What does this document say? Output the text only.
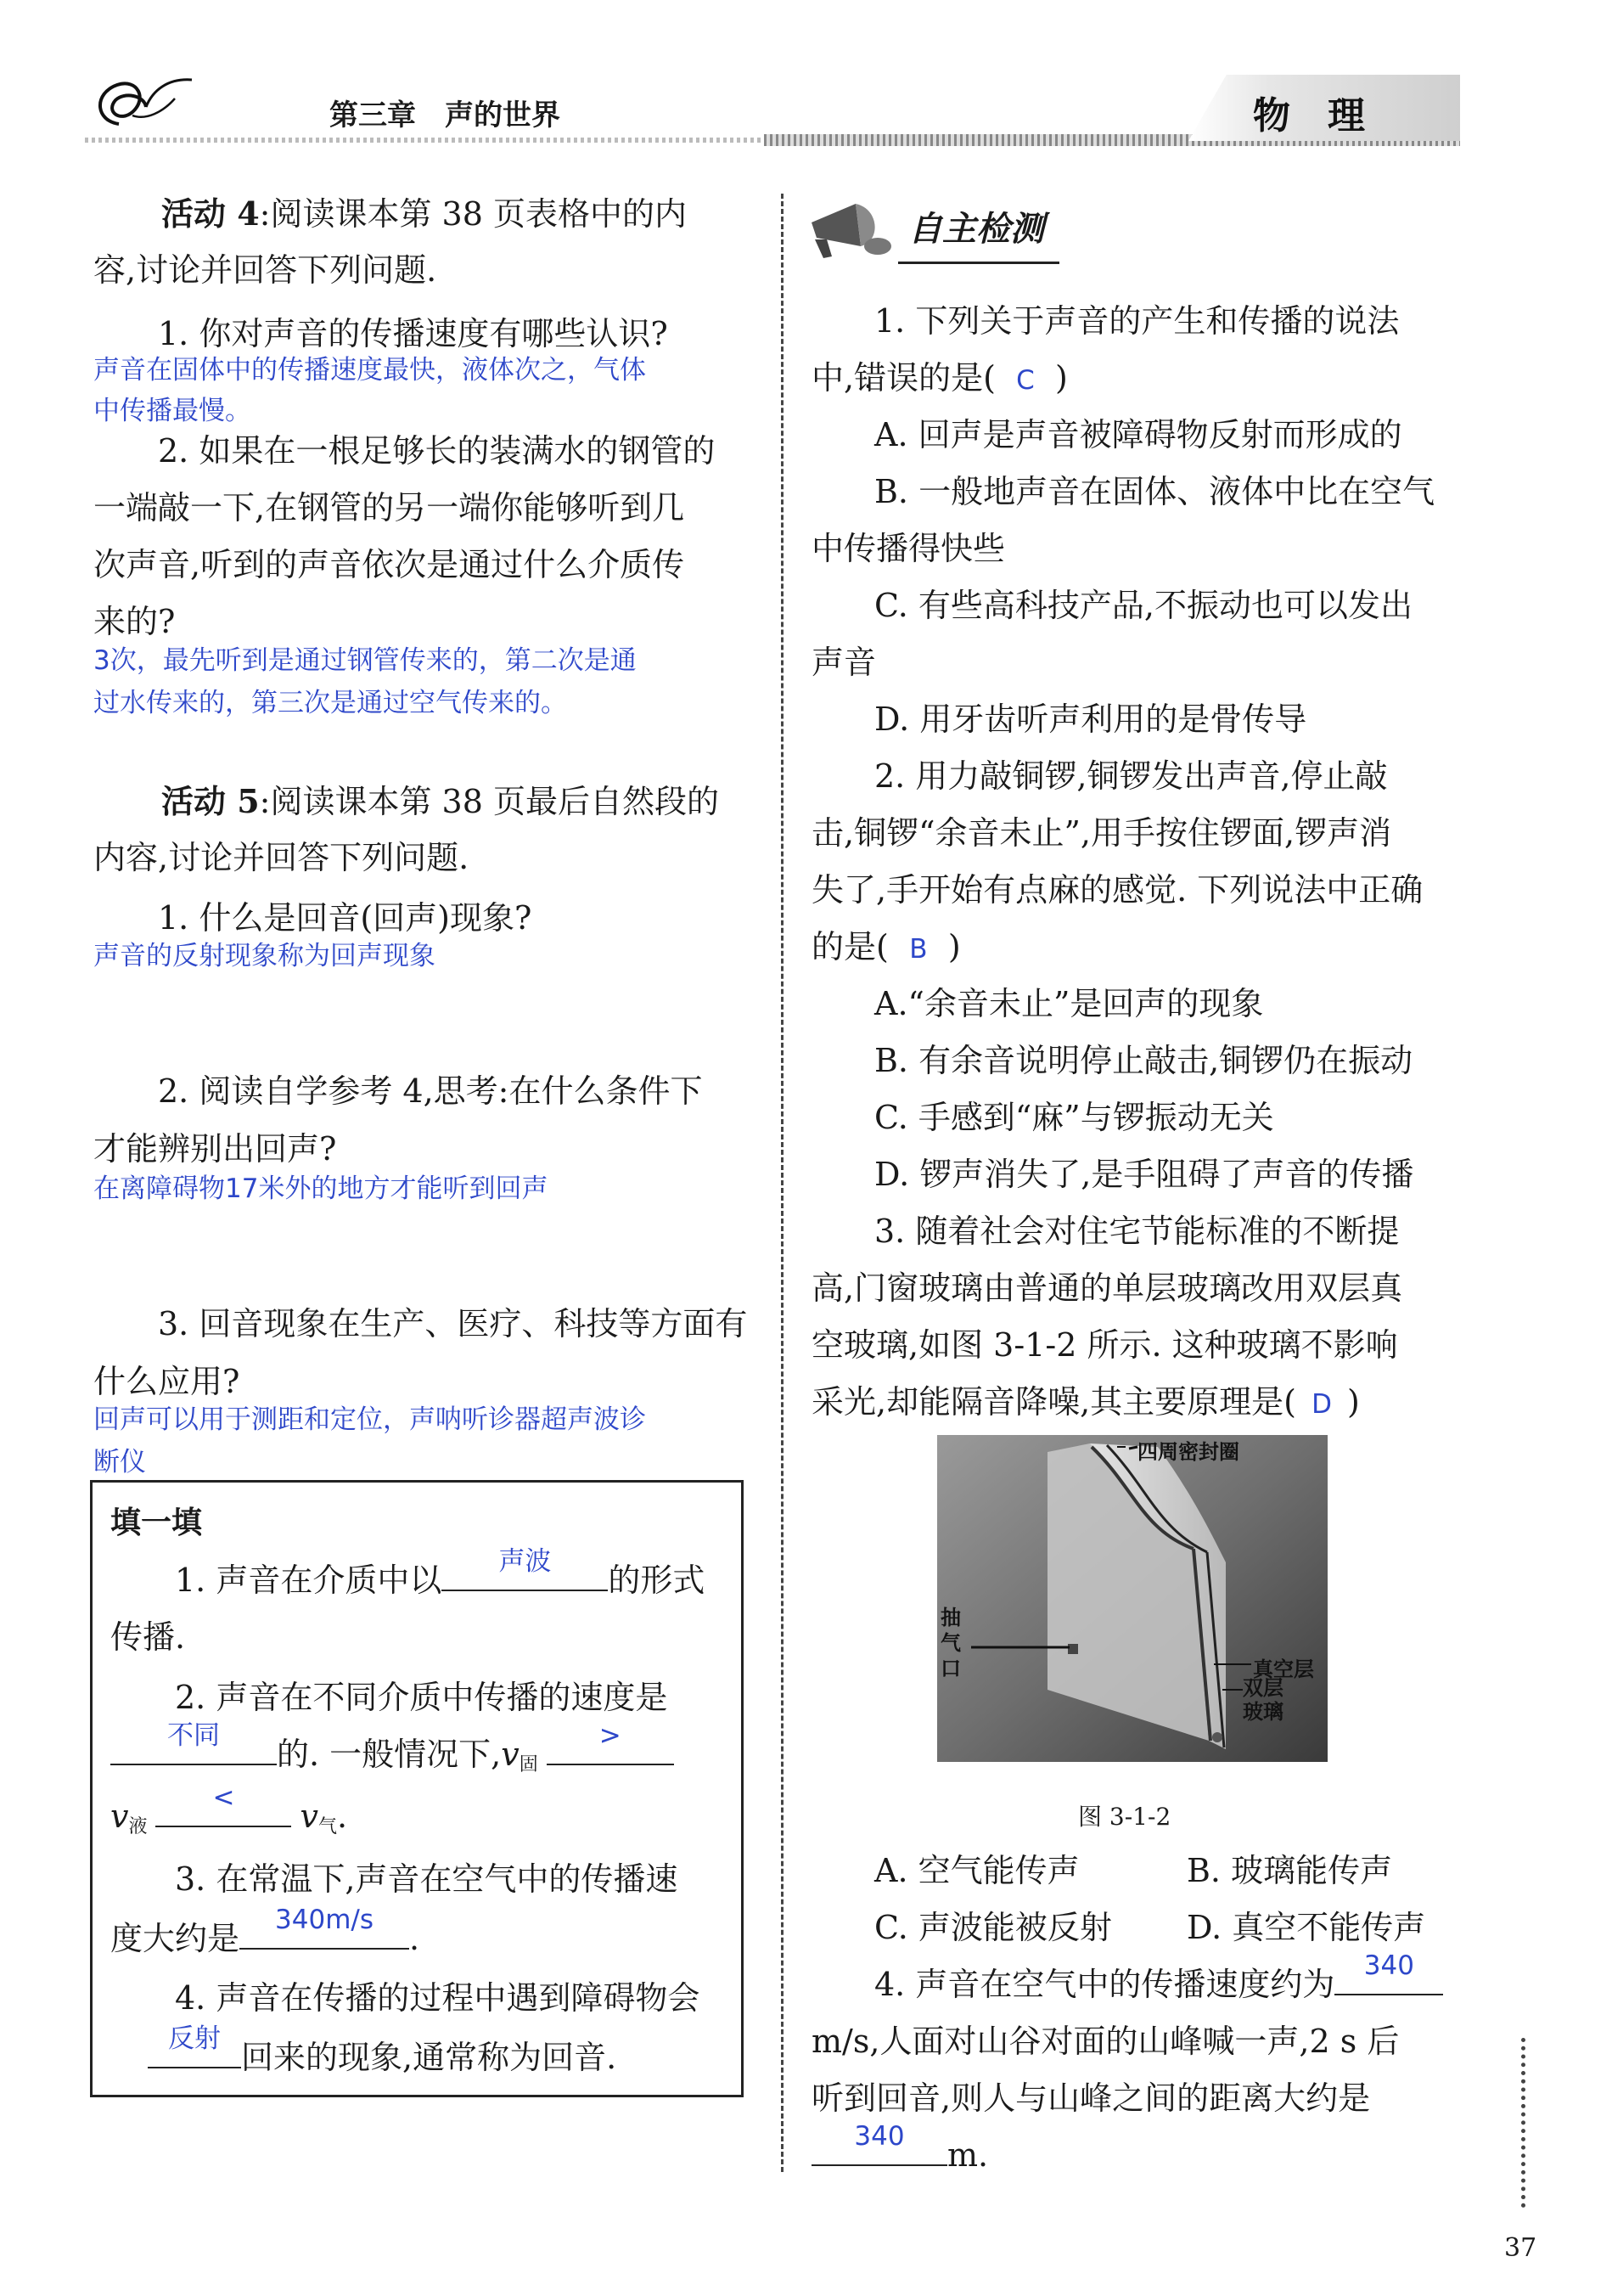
第三章　声的世界	物　理
活动 4:阅读课本第 38 页表格中的内
容,讨论并回答下列问题.
1. 你对声音的传播速度有哪些认识?
声音在固体中的传播速度最快，液体次之，气体
中传播最慢。
2. 如果在一根足够长的装满水的钢管的
一端敲一下,在钢管的另一端你能够听到几
次声音,听到的声音依次是通过什么介质传
来的?
3次，最先听到是通过钢管传来的，第二次是通
过水传来的，第三次是通过空气传来的。
活动 5:阅读课本第 38 页最后自然段的
内容,讨论并回答下列问题.
1. 什么是回音(回声)现象?
声音的反射现象称为回声现象
2. 阅读自学参考 4,思考:在什么条件下
才能辨别出回声?
在离障碍物17米外的地方才能听到回声
3. 回音现象在生产、医疗、科技等方面有
什么应用?
回声可以用于测距和定位，声呐听诊器超声波诊
断仪
填一填
1. 声音在介质中以	声波	的形式
传播.
2. 声音在不同介质中传播的速度是
不同	的. 一般情况下$,v_固$
>
$v_液$
<	$v_气$.
3. 在常温下,声音在空气中的传播速
度大约是	340m/s	.
4. 声音在传播的过程中遇到障碍物会
反射 回来的现象,通常称为回音.
自主检测
1. 下列关于声音的产生和传播的说法
中,错误 •的是( C )
A. 回声是声音被障碍物反射而形成的
B. 一般地声音在固体、液体中比在空气
中传播得快些
C. 有些高科技产品,不振动也可以发出
声音
D. 用牙齿听声利用的是骨传导
2. 用力敲铜锣,铜锣发出声音,停止敲
击,铜锣“余音未止”,用手按住锣面,锣声消
失了,手开始有点麻的感觉. 下列说法中正确
的是( B )
A.“余音未止”是回声的现象
B. 有余音说明停止敲击,铜锣仍在振动
C. 手感到“麻”与锣振动无关
D. 锣声消失了,是手阻碍了声音的传播
3. 随着社会对住宅节能标准的不断提
高,门窗玻璃由普通的单层玻璃改用双层真
空玻璃,如图 3-1-2 所示. 这种玻璃不影响
采光,却能隔音降噪,其主要原理是( D )
四周密封圈
抽
气
口	真空层
双层
玻璃
图 3-1-2
A. 空气能传声	B. 玻璃能传声
C. 声波能被反射 D. 真空不能传声
4. 声音在空气中的传播速度约为	340
m/s,人面对山谷对面的山峰喊一声,2 s 后
听到回音,则人与山峰之间的距离大约是
340	m.
37
